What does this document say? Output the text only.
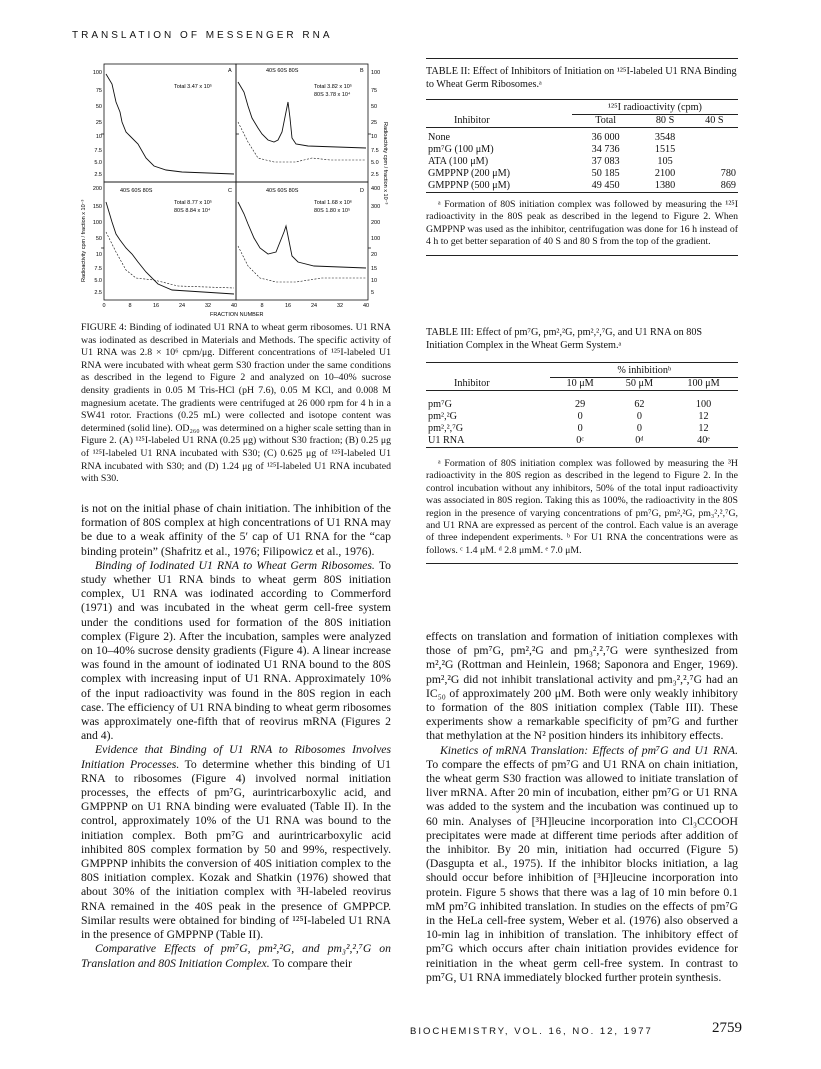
TRANSLATION OF MESSENGER RNA
A	B
C	D
Total 3.47 x 10⁵	Total 3.82 x 10⁵
80S 3.78 x 10⁴
40S 60S 80S
Total 8.77 x 10⁵
80S 8.84 x 10⁴
40S 60S 80S
Total 1.68 x 10⁶
80S 1.80 x 10⁵
40S 60S 80S
Radioactivity cpm / fraction x 10⁻³
Radioactivity cpm / fraction x 10⁻³
FRACTION NUMBER
100
75
50
25
10
7.5
5.0
2.5
100
75
50
25
10
7.5
5.0
2.5
200
150
100
50
10
7.5
5.0
2.5
400
300
200
100
20
15
10
5
0	8	16	24	32	40	8	16	24	32	40
FIGURE 4: Binding of iodinated U1 RNA to wheat germ ribosomes. U1 RNA was iodinated as described in Materials and Methods. The specific activity of U1 RNA was 2.8 × 10⁶ cpm/μg. Different concentrations of ¹²⁵I-labeled U1 RNA were incubated with wheat germ S30 fraction under the same conditions as described in the legend to Figure 2 and analyzed on 10–40% sucrose density gradients in 0.05 M Tris-HCl (pH 7.6), 0.05 M KCl, and 0.008 M magnesium acetate. The gradients were centrifuged at 26 000 rpm for 4 h in a SW41 rotor. Fractions (0.25 mL) were collected and isotope content was determined (solid line). OD₂₆₀ was determined on a higher scale setting than in Figure 2. (A) ¹²⁵I-labeled U1 RNA (0.25 μg) without S30 fraction; (B) 0.25 μg of ¹²⁵I-labeled U1 RNA incubated with S30; (C) 0.625 μg of ¹²⁵I-labeled U1 RNA incubated with S30; and (D) 1.24 μg of ¹²⁵I-labeled U1 RNA incubated with S30.
TABLE II: Effect of Inhibitors of Initiation on ¹²⁵I-labeled U1 RNA Binding to Wheat Germ Ribosomes.ᵃ
	¹²⁵I radioactivity (cpm)		
Inhibitor	Total	80 S	40 S

None	36 000	3548	
pm⁷G (100 μM)	34 736	1515	
ATA (100 μM)	37 083	105	
GMPPNP (200 μM)	50 185	2100	780
GMPPNP (500 μM)	49 450	1380	869

ᵃ Formation of 80S initiation complex was followed by measuring the ¹²⁵I radioactivity in the 80S peak as described in the legend to Figure 2. When GMPPNP was used as the inhibitor, centrifugation was done for 16 h instead of 4 h to get better separation of 40 S and 80 S from the top of the gradient.

TABLE III: Effect of pm⁷G, pm²,²G, pm²,²,⁷G, and U1 RNA on 80S Initiation Complex in the Wheat Germ System.ᵃ
	% inhibitionᵇ		
Inhibitor	10 μM	50 μM	100 μM

pm⁷G	29	62	100
pm²,²G	0	0	12
pm²,²,⁷G	0	0	12
U1 RNA	0ᶜ	0ᵈ	40ᵉ

ᵃ Formation of 80S initiation complex was followed by measuring the ³H radioactivity in the 80S region as described in the legend to Figure 2. In the control incubation without any inhibitors, 50% of the total input radioactivity was associated in 80S region. Taking this as 100%, the radioactivity in the 80S region in the presence of varying concentrations of pm⁷G, pm²,²G, pm₃²,²,⁷G, and U1 RNA are expressed as percent of the control. Each value is an average of three independent experiments. ᵇ For U1 RNA the concentrations were as follows. ᶜ 1.4 μM. ᵈ 2.8 μmM. ᵉ 7.0 μM.

is not on the initial phase of chain initiation. The inhibition of the formation of 80S complex at high concentrations of U1 RNA may be due to a weak affinity of the 5′ cap of U1 RNA for the “cap binding protein” (Shafritz et al., 1976; Filipowicz et al., 1976).

Binding of Iodinated U1 RNA to Wheat Germ Ribosomes. To study whether U1 RNA binds to wheat germ 80S initiation complex, U1 RNA was iodinated according to Commerford (1971) and was incubated in the wheat germ cell-free system under the conditions used for formation of the 80S initiation complex (Figure 2). After the incubation, samples were analyzed on 10–40% sucrose density gradients (Figure 4). A linear increase was found in the amount of iodinated U1 RNA bound to the 80S complex with increasing input of U1 RNA. Approximately 10% of the input radioactivity was found in the 80S region in each case. The efficiency of U1 RNA binding to wheat germ ribosomes was approximately one-fifth that of reovirus mRNA (Figures 2 and 4).

Evidence that Binding of U1 RNA to Ribosomes Involves Initiation Processes. To determine whether this binding of U1 RNA to ribosomes (Figure 4) involved normal initiation processes, the effects of pm⁷G, aurintricarboxylic acid, and GMPPNP on U1 RNA binding were evaluated (Table II). In the control, approximately 10% of the U1 RNA was bound to the initiation complex. Both pm⁷G and aurintricarboxylic acid inhibited 80S complex formation by 50 and 99%, respectively. GMPPNP inhibits the conversion of 40S initiation complex to the 80S initiation complex. Kozak and Shatkin (1976) showed that about 30% of the initiation complex with ³H-labeled reovirus RNA remained in the 40S peak in the presence of GMPPCP. Similar results were obtained for binding of ¹²⁵I-labeled U1 RNA in the presence of GMPPNP (Table II).

Comparative Effects of pm⁷G, pm²,²G, and pm₃²,²,⁷G on Translation and 80S Initiation Complex. To compare their

effects on translation and formation of initiation complexes with those of pm⁷G, pm²,²G and pm₃²,²,⁷G were synthesized from m²,²G (Rottman and Heinlein, 1968; Saponora and Enger, 1969). pm²,²G did not inhibit translational activity and pm₃²,²,⁷G had an IC₅₀ of approximately 200 μM. Both were only weakly inhibitory to formation of the 80S initiation complex (Table III). These experiments show a remarkable specificity of pm⁷G and further that methylation at the N² position hinders its inhibitory effects.

Kinetics of mRNA Translation: Effects of pm⁷G and U1 RNA. To compare the effects of pm⁷G and U1 RNA on chain initiation, the wheat germ S30 fraction was allowed to initiate translation of liver mRNA. After 20 min of incubation, either pm⁷G or U1 RNA was added to the system and the incubation was continued up to 60 min. Analyses of [³H]leucine incorporation into Cl₃CCOOH precipitates were made at different time periods after addition of the inhibitor. By 20 min, initiation had occurred (Figure 5) (Dasgupta et al., 1975). If the inhibitor blocks initiation, a lag should occur before inhibition of [³H]leucine incorporation into protein. Figure 5 shows that there was a lag of 10 min before 0.1 mM pm⁷G inhibited translation. In studies on the effects of pm⁷G in the HeLa cell-free system, Weber et al. (1976) also observed a 10-min lag in inhibition of translation. The inhibitory effect of pm⁷G which occurs after chain initiation provides evidence for reinitiation in the wheat germ cell-free system. In contrast to pm⁷G, U1 RNA immediately blocked further protein synthesis.

BIOCHEMISTRY, VOL. 16, NO. 12, 1977	2759
